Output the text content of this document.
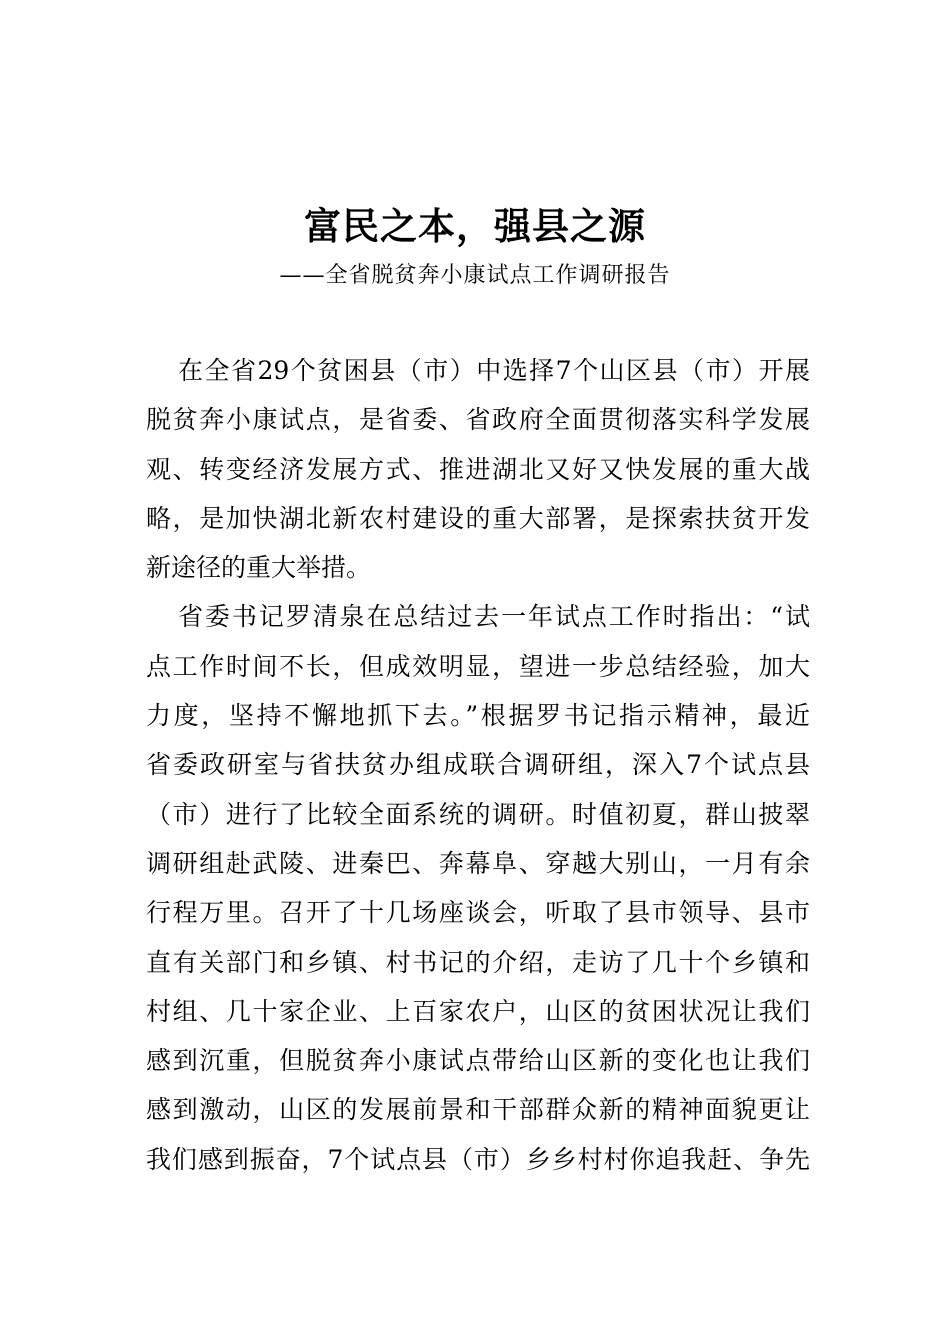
富民之本，强县之源
——全省脱贫奔小康试点工作调研报告
在全省29个贫困县（市）中选择7个山区县（市）开展
脱贫奔小康试点，是省委、省政府全面贯彻落实科学发展
观、转变经济发展方式、推进湖北又好又快发展的重大战
略，是加快湖北新农村建设的重大部署，是探索扶贫开发
新途径的重大举措。
省委书记罗清泉在总结过去一年试点工作时指出：“试
点工作时间不长，但成效明显，望进一步总结经验，加大
力度，坚持不懈地抓下去。”根据罗书记指示精神，最近
省委政研室与省扶贫办组成联合调研组，深入7个试点县
（市）进行了比较全面系统的调研。时值初夏，群山披翠
调研组赴武陵、进秦巴、奔幕阜、穿越大别山，一月有余
行程万里。召开了十几场座谈会，听取了县市领导、县市
直有关部门和乡镇、村书记的介绍，走访了几十个乡镇和
村组、几十家企业、上百家农户，山区的贫困状况让我们
感到沉重，但脱贫奔小康试点带给山区新的变化也让我们
感到激动，山区的发展前景和干部群众新的精神面貌更让
我们感到振奋，7个试点县（市）乡乡村村你追我赶、争先
